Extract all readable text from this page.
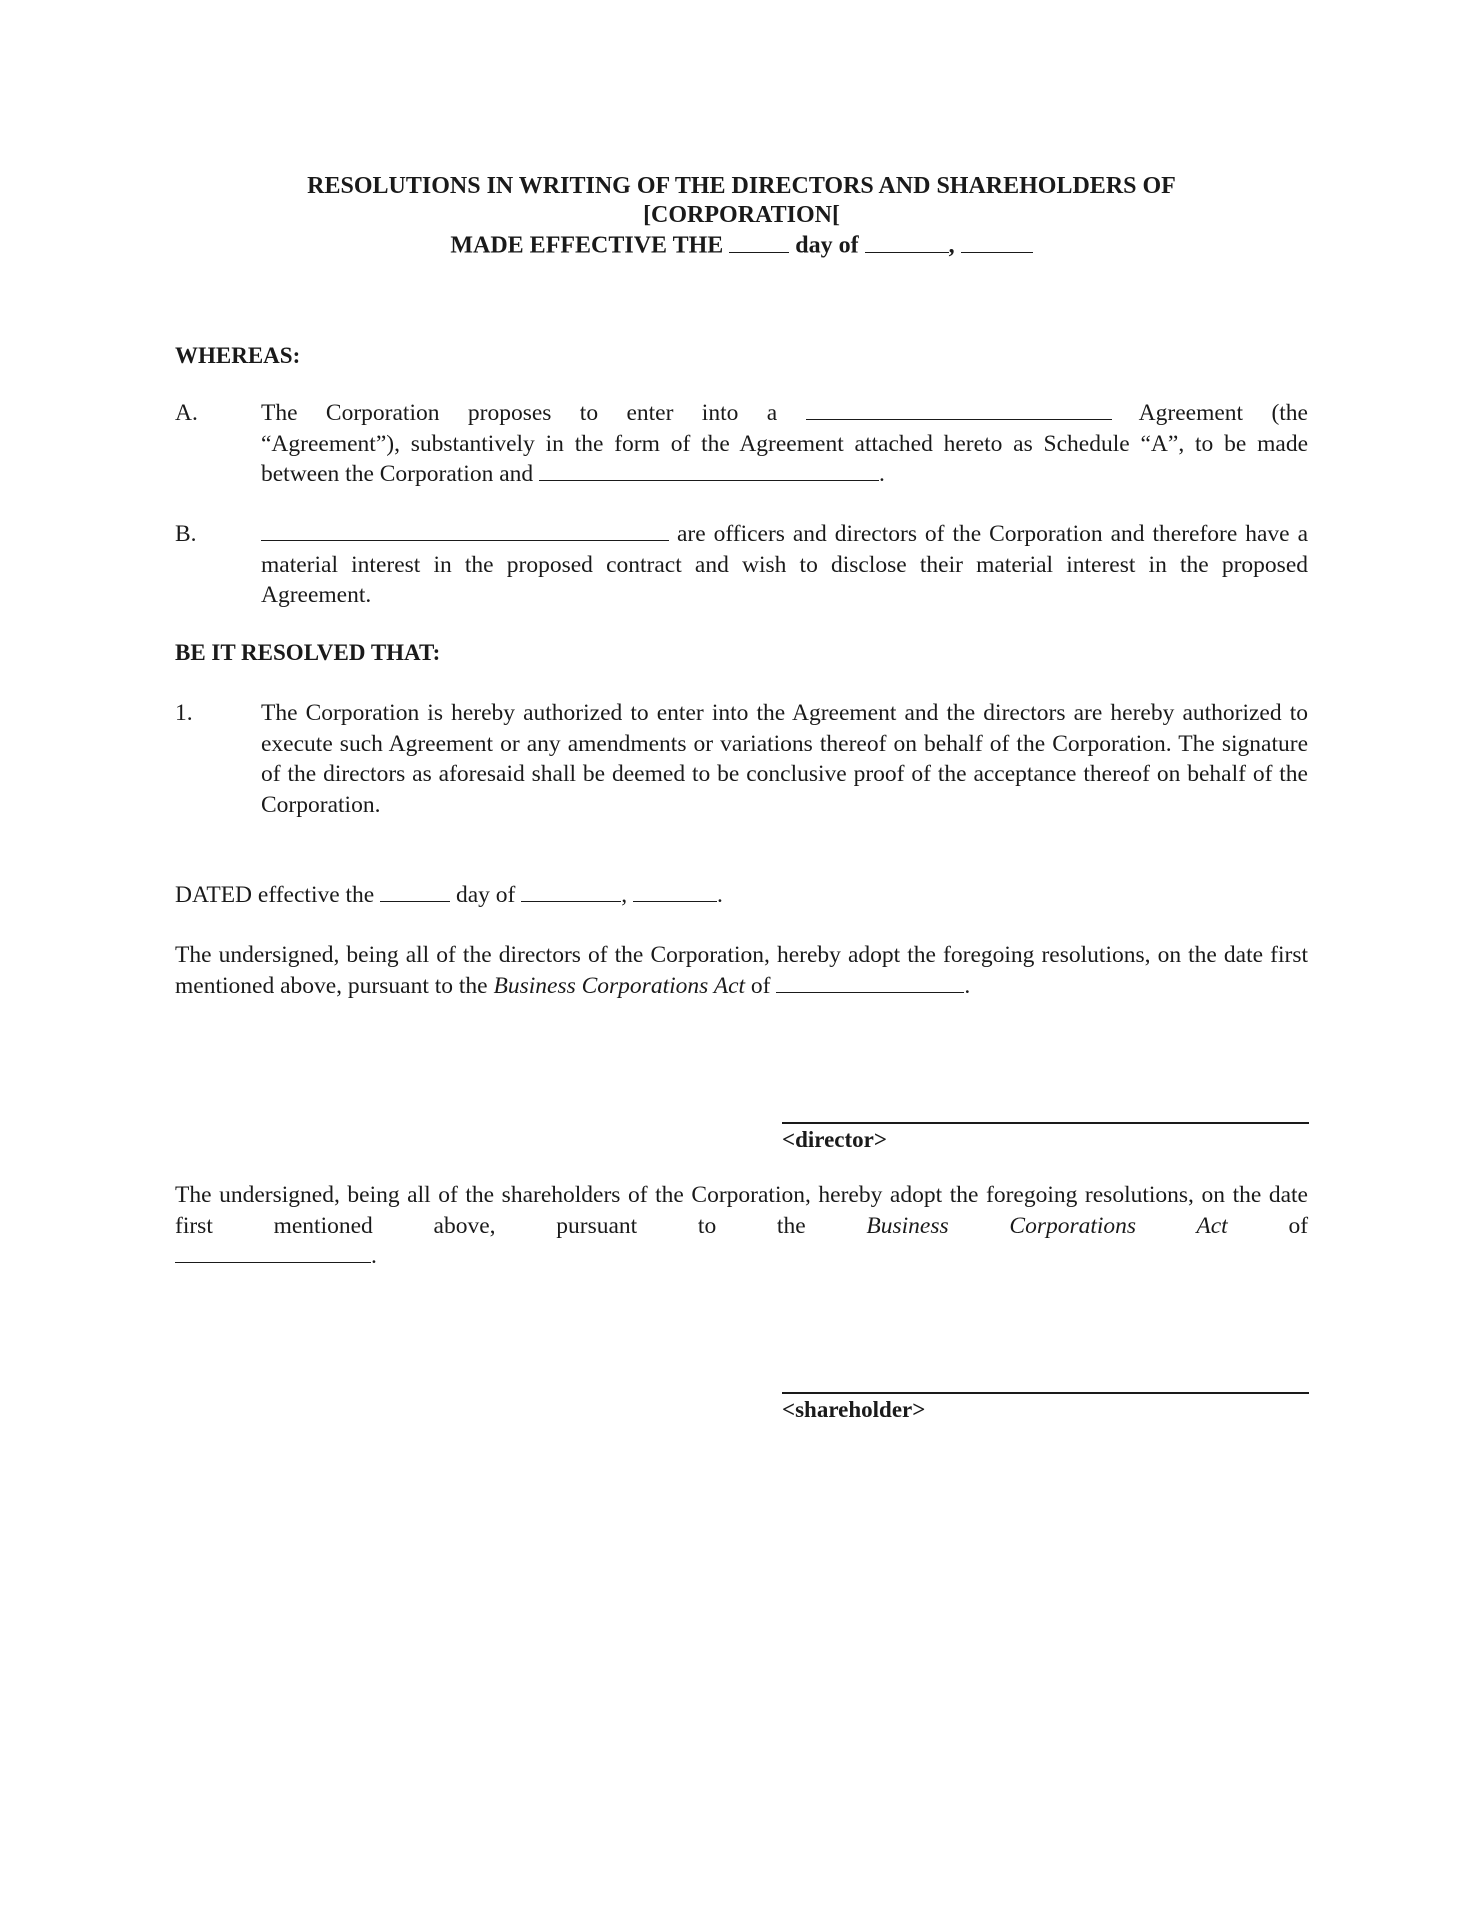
RESOLUTIONS IN WRITING OF THE DIRECTORS AND SHAREHOLDERS OF
[CORPORATION[
MADE EFFECTIVE THE	day of	,
WHEREAS:
A.	The Corporation proposes to enter into a	Agreement (the
“Agreement”), substantively in the form of the Agreement attached hereto as Schedule “A”, to be made between the Corporation and	.
B.	are officers and directors of the Corporation and therefore have a material interest in the proposed contract and wish to disclose their material interest in the proposed Agreement.
BE IT RESOLVED THAT:
1.	The Corporation is hereby authorized to enter into the Agreement and the directors are hereby authorized to execute such Agreement or any amendments or variations thereof on behalf of the Corporation. The signature of the directors as aforesaid shall be deemed to be conclusive proof of the acceptance thereof on behalf of the Corporation.
DATED effective the	day of	,	.
The undersigned, being all of the directors of the Corporation, hereby adopt the foregoing resolutions, on the date first mentioned above, pursuant to the Business Corporations Act of	.
<director>
The undersigned, being all of the shareholders of the Corporation, hereby adopt the foregoing resolutions, on the date first mentioned above, pursuant to the	Business Corporations Act	of
.
<shareholder>
